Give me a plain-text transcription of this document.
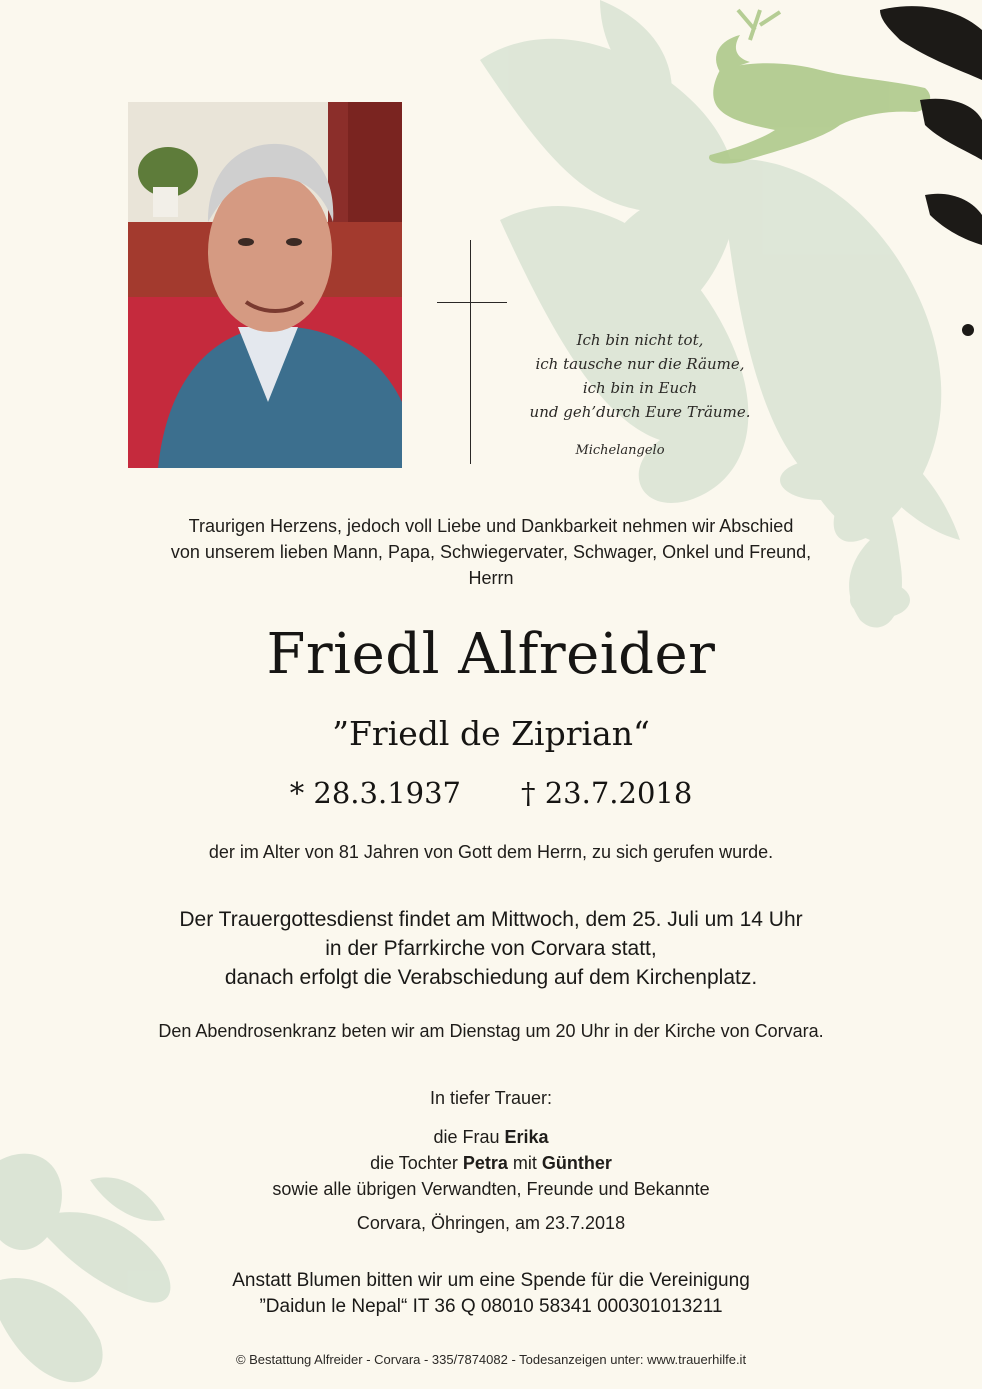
Ich bin nicht tot,
ich tausche nur die Räume,
ich bin in Euch
und geh’durch Eure Träume.
Michelangelo
Traurigen Herzens, jedoch voll Liebe und Dankbarkeit nehmen wir Abschied
von unserem lieben Mann, Papa, Schwiegervater, Schwager, Onkel und Freund,
Herrn
Friedl Alfreider
”Friedl de Ziprian“
* 28.3.1937 † 23.7.2018
der im Alter von 81 Jahren von Gott dem Herrn, zu sich gerufen wurde.
Der Trauergottesdienst findet am Mittwoch, dem 25. Juli um 14 Uhr
in der Pfarrkirche von Corvara statt,
danach erfolgt die Verabschiedung auf dem Kirchenplatz.
Den Abendrosenkranz beten wir am Dienstag um 20 Uhr in der Kirche von Corvara.
In tiefer Trauer:
die Frau Erika
die Tochter Petra mit Günther
sowie alle übrigen Verwandten, Freunde und Bekannte
Corvara, Öhringen, am 23.7.2018
Anstatt Blumen bitten wir um eine Spende für die Vereinigung
”Daidun le Nepal“ IT 36 Q 08010 58341 000301013211
© Bestattung Alfreider - Corvara - 335/7874082 - Todesanzeigen unter: www.trauerhilfe.it
